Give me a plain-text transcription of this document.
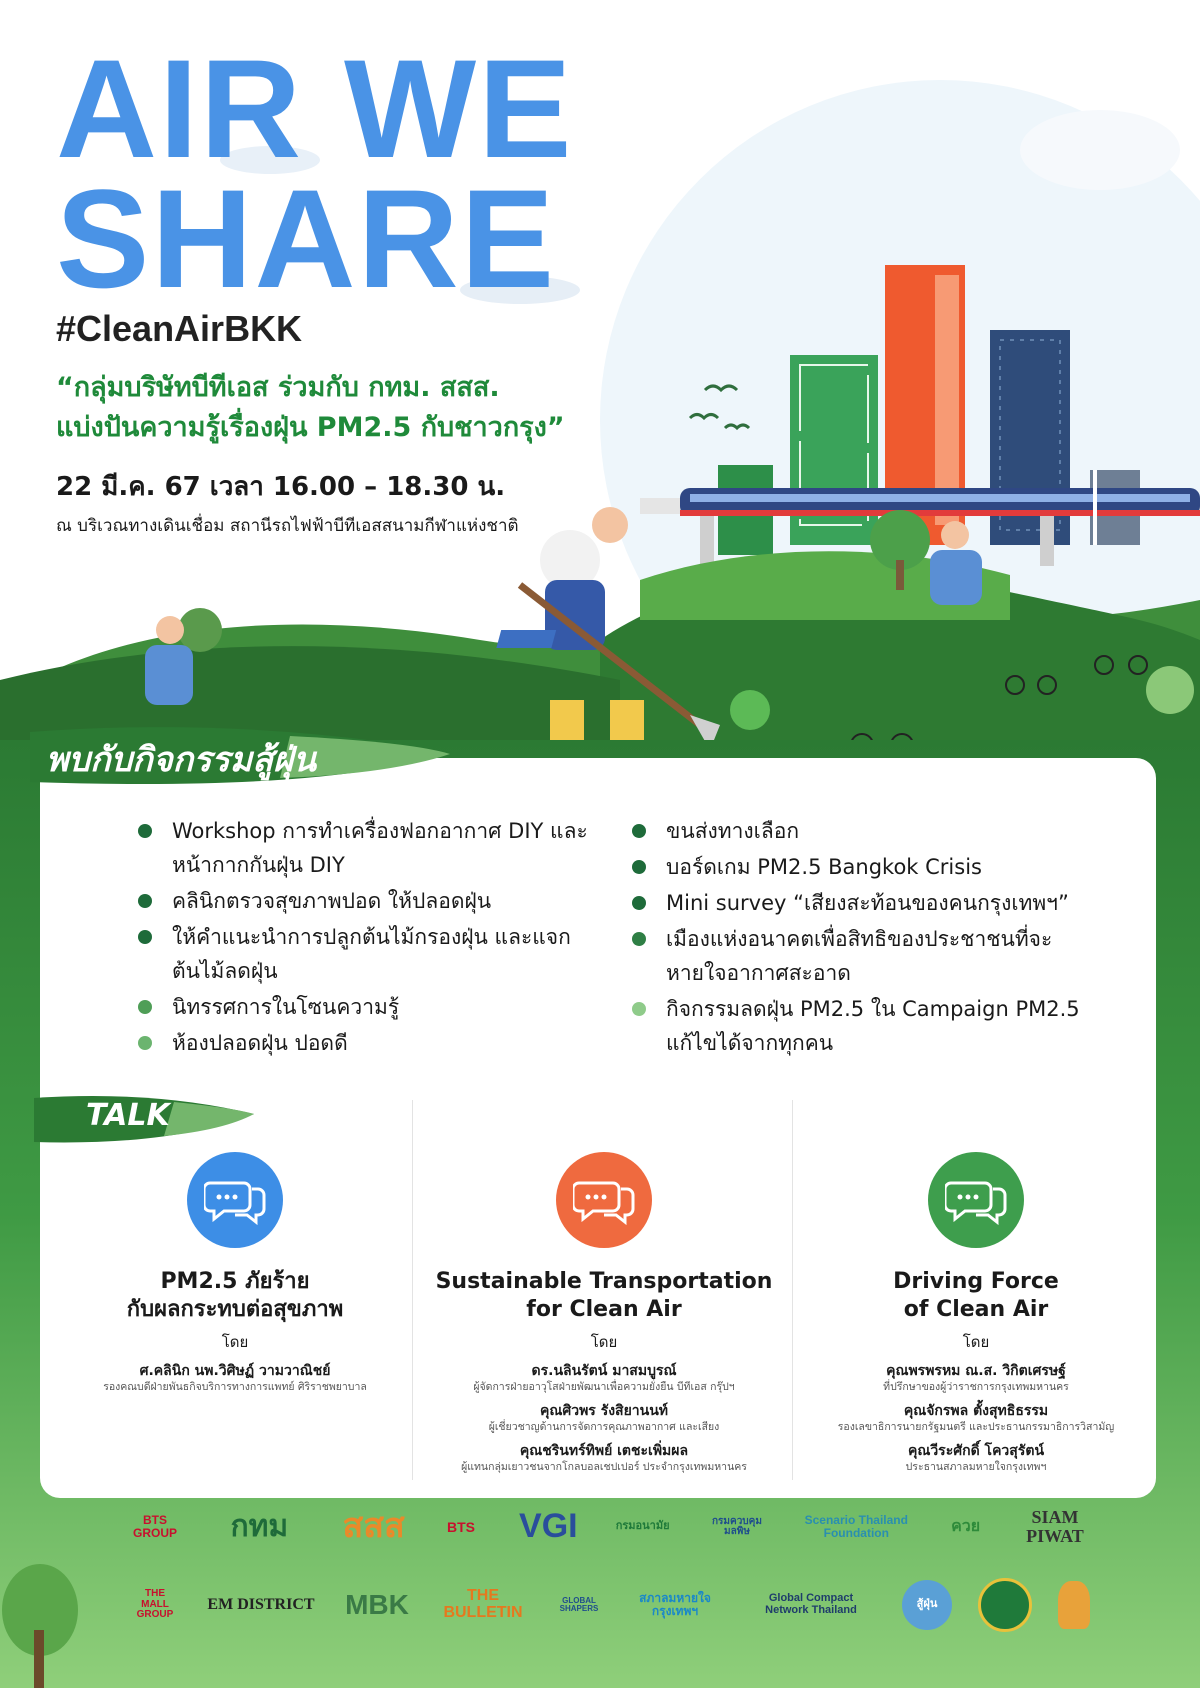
AIR WE
SHARE
#CleanAirBKK
“กลุ่มบริษัทบีทีเอส ร่วมกับ กทม. สสส.
แบ่งปันความรู้เรื่องฝุ่น PM2.5 กับชาวกรุง”
22 มี.ค. 67 เวลา 16.00 – 18.30 น.
ณ บริเวณทางเดินเชื่อม สถานีรถไฟฟ้าบีทีเอสสนามกีฬาแห่งชาติ
พบกับกิจกรรมสู้ฝุ่น
Workshop การทำเครื่องฟอกอากาศ DIY และหน้ากากกันฝุ่น DIY
คลินิกตรวจสุขภาพปอด ให้ปลอดฝุ่น
ให้คำแนะนำการปลูกต้นไม้กรองฝุ่น และแจกต้นไม้ลดฝุ่น
นิทรรศการในโซนความรู้
ห้องปลอดฝุ่น ปอดดี
ขนส่งทางเลือก
บอร์ดเกม PM2.5 Bangkok Crisis
Mini survey “เสียงสะท้อนของคนกรุงเทพฯ”
เมืองแห่งอนาคตเพื่อสิทธิของประชาชนที่จะหายใจอากาศสะอาด
กิจกรรมลดฝุ่น PM2.5 ใน Campaign PM2.5 แก้ไขได้จากทุกคน
TALK
PM2.5 ภัยร้าย
กับผลกระทบต่อสุขภาพ
โดย
ศ.คลินิก นพ.วิศิษฏ์ วามวาณิชย์
รองคณบดีฝ่ายพันธกิจบริการทางการแพทย์ ศิริราชพยาบาล
Sustainable Transportation
for Clean Air
โดย
ดร.นลินรัตน์ มาสมบูรณ์
ผู้จัดการฝ่ายอาวุโสฝ่ายพัฒนาเพื่อความยั่งยืน บีทีเอส กรุ๊ปฯ
คุณศิวพร รังสิยานนท์
ผู้เชี่ยวชาญด้านการจัดการคุณภาพอากาศ และเสียง
คุณชรินทร์ทิพย์ เตชะเพิ่มผล
ผู้แทนกลุ่มเยาวชนจากโกลบอลเชปเปอร์ ประจำกรุงเทพมหานคร
Driving Force
of Clean Air
โดย
คุณพรพรหม ณ.ส. วิกิตเศรษฐ์
ที่ปรึกษาของผู้ว่าราชการกรุงเทพมหานคร
คุณจักรพล ตั้งสุทธิธรรม
รองเลขาธิการนายกรัฐมนตรี และประธานกรรมาธิการวิสามัญ
คุณวีระศักดิ์ โควสุรัตน์
ประธานสภาลมหายใจกรุงเทพฯ
BTS GROUP	กทม	สสส	BTS VGI	กรมอนามัย	กรมควบคุมมลพิษ
Scenario Thailand Foundation	ควย	SIAM PIWAT
THE MALL GROUP
EM DISTRICT MBK	THE BULLETIN
GLOBAL SHAPERS
สภาลมหายใจ กรุงเทพฯ
Global Compact Network Thailand	สู้ฝุ่น
